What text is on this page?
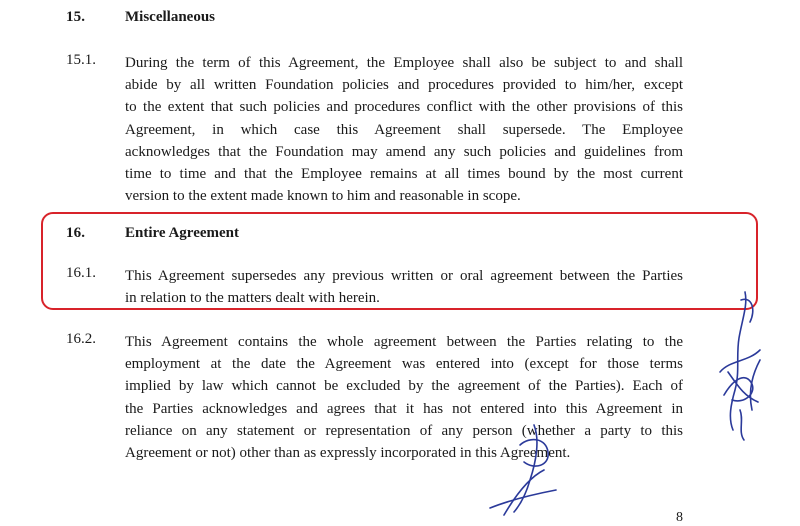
15.	Miscellaneous
15.1. During the term of this Agreement, the Employee shall also be subject to and shall
abide by all written Foundation policies and procedures provided to him/her, except
to the extent that such policies and procedures conflict with the other provisions of this
Agreement, in which case this Agreement shall supersede. The Employee
acknowledges that the Foundation may amend any such policies and guidelines from
time to time and that the Employee remains at all times bound by the most current
version to the extent made known to him and reasonable in scope.
16.	Entire Agreement
16.1. This Agreement supersedes any previous written or oral agreement between the Parties
in relation to the matters dealt with herein.
16.2. This Agreement contains the whole agreement between the Parties relating to the
employment at the date the Agreement was entered into (except for those terms
implied by law which cannot be excluded by the agreement of the Parties). Each of
the Parties acknowledges and agrees that it has not entered into this Agreement in
reliance on any statement or representation of any person (whether a party to this
Agreement or not) other than as expressly incorporated in this Agreement.
8
